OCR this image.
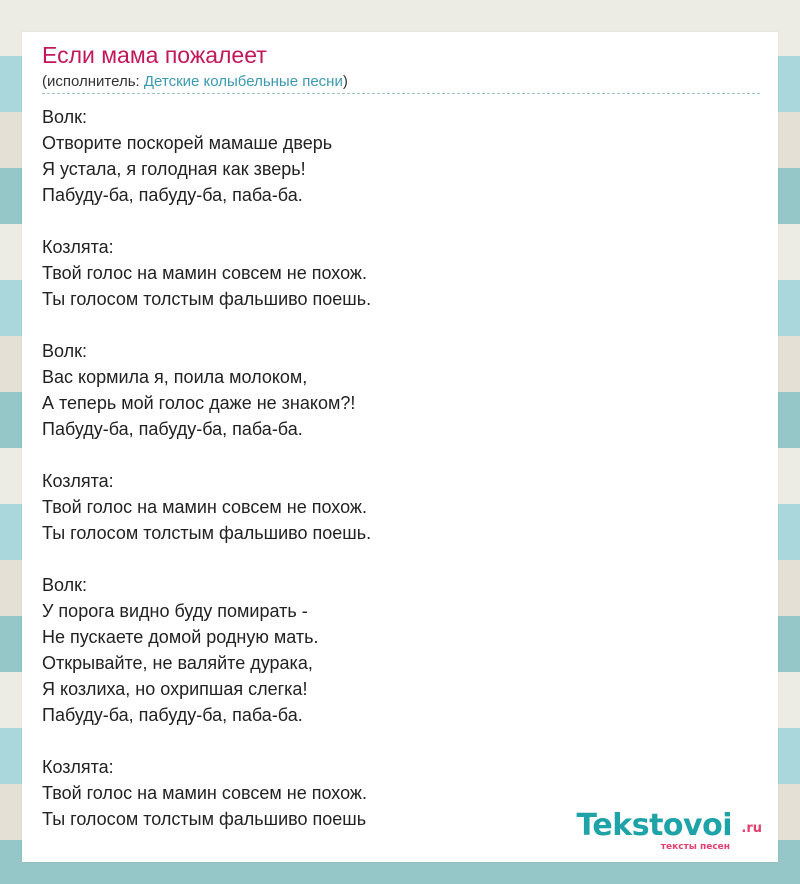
Если мама пожалеет
(исполнитель: Детские колыбельные песни)
Волк:
Отворите поскорей мамаше дверь
Я устала, я голодная как зверь!
Пабуду-ба, пабуду-ба, паба-ба.
Козлята:
Твой голос на мамин совсем не похож.
Ты голосом толстым фальшиво поешь.
Волк:
Вас кормила я, поила молоком,
А теперь мой голос даже не знаком?!
Пабуду-ба, пабуду-ба, паба-ба.
Козлята:
Твой голос на мамин совсем не похож.
Ты голосом толстым фальшиво поешь.
Волк:
У порога видно буду помирать -
Не пускаете домой родную мать.
Открывайте, не валяйте дурака,
Я козлиха, но охрипшая слегка!
Пабуду-ба, пабуду-ба, паба-ба.
Козлята:
Твой голос на мамин совсем не похож.
Ты голосом толстым фальшиво поешь	Tekstovoi .ru
тексты песен
